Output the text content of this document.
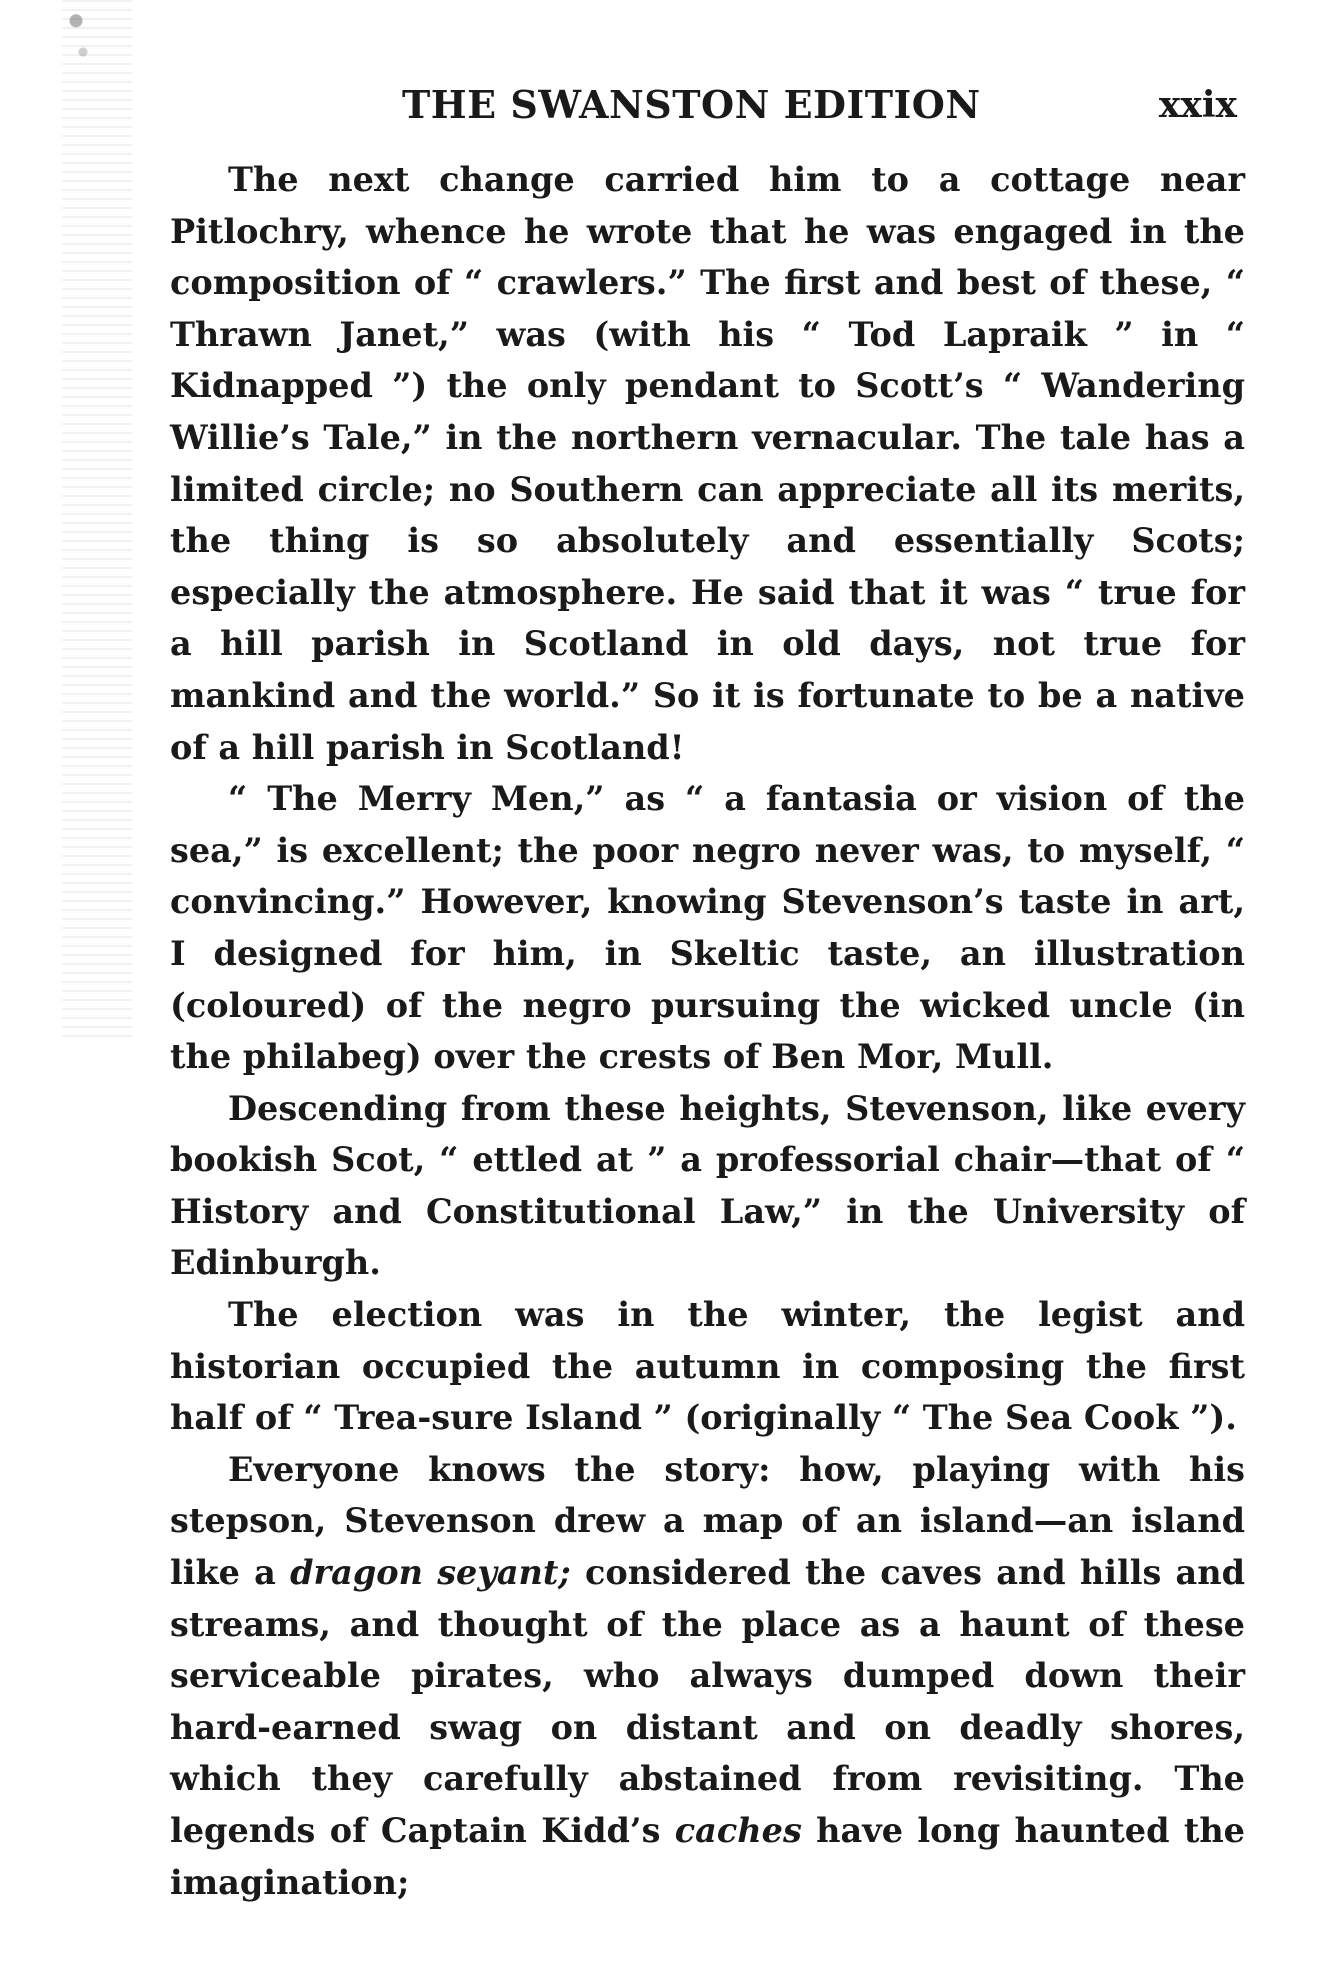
THE SWANSTON EDITION	xxix

The next change carried him to a cottage near Pitlochry, whence he wrote that he was engaged in the composition of “ crawlers.” The first and best of these, “ Thrawn Janet,” was (with his “ Tod Lapraik ” in “ Kidnapped ”) the only pendant to Scott’s “ Wandering Willie’s Tale,” in the northern vernacular. The tale has a limited circle; no Southern can appreciate all its merits, the thing is so absolutely and essentially Scots; especially the atmosphere. He said that it was “ true for a hill parish in Scotland in old days, not true for mankind and the world.” So it is fortunate to be a native of a hill parish in Scotland!

“ The Merry Men,” as “ a fantasia or vision of the sea,” is excellent; the poor negro never was, to myself, “ convincing.” However, knowing Stevenson’s taste in art, I designed for him, in Skeltic taste, an illustration (coloured) of the negro pursuing the wicked uncle (in the philabeg) over the crests of Ben Mor, Mull.

Descending from these heights, Stevenson, like every bookish Scot, “ ettled at ” a professorial chair—that of “ History and Constitutional Law,” in the University of Edinburgh.

The election was in the winter, the legist and historian occupied the autumn in composing the first half of “ Trea-sure Island ” (originally “ The Sea Cook ”).

Everyone knows the story: how, playing with his stepson, Stevenson drew a map of an island—an island like a dragon seyant; considered the caves and hills and streams, and thought of the place as a haunt of these serviceable pirates, who always dumped down their hard-earned swag on distant and on deadly shores, which they carefully abstained from revisiting. The legends of Captain Kidd’s caches have long haunted the imagination;
